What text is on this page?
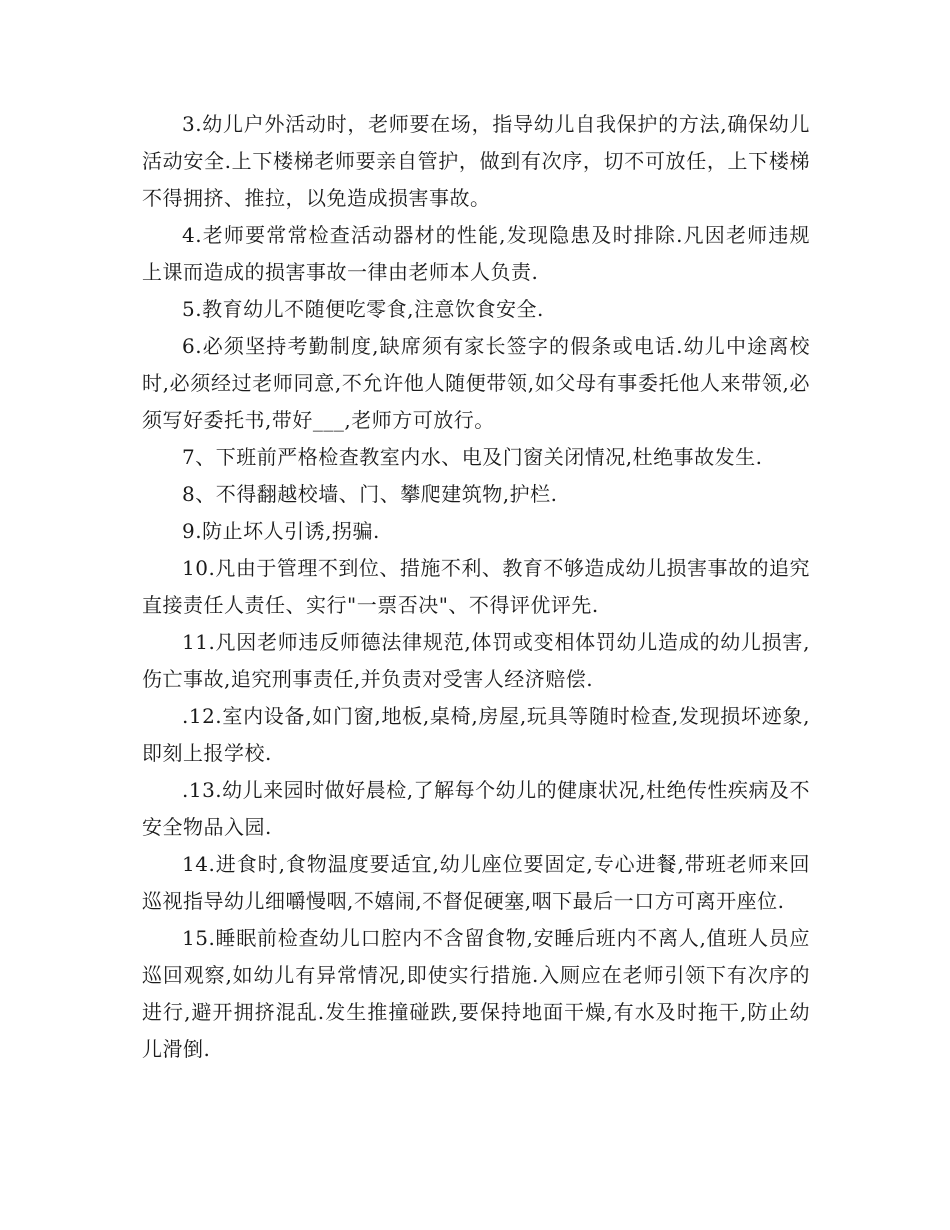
3.幼儿户外活动时，老师要在场，指导幼儿自我保护的方法,确保幼儿活动安全.上下楼梯老师要亲自管护，做到有次序，切不可放任，上下楼梯不得拥挤、推拉，以免造成损害事故。

4.老师要常常检查活动器材的性能,发现隐患及时排除.凡因老师违规上课而造成的损害事故一律由老师本人负责.

5.教育幼儿不随便吃零食,注意饮食安全.

6.必须坚持考勤制度,缺席须有家长签字的假条或电话.幼儿中途离校时,必须经过老师同意,不允许他人随便带领,如父母有事委托他人来带领,必须写好委托书,带好___,老师方可放行。

7、下班前严格检查教室内水、电及门窗关闭情况,杜绝事故发生.

8、不得翻越校墙、门、攀爬建筑物,护栏.

9.防止坏人引诱,拐骗.

10.凡由于管理不到位、措施不利、教育不够造成幼儿损害事故的追究直接责任人责任、实行"一票否决"、不得评优评先.

11.凡因老师违反师德法律规范,体罚或变相体罚幼儿造成的幼儿损害,伤亡事故,追究刑事责任,并负责对受害人经济赔偿.

.12.室内设备,如门窗,地板,桌椅,房屋,玩具等随时检查,发现损坏迹象,即刻上报学校.

.13.幼儿来园时做好晨检,了解每个幼儿的健康状况,杜绝传性疾病及不安全物品入园.

14.进食时,食物温度要适宜,幼儿座位要固定,专心进餐,带班老师来回巡视指导幼儿细嚼慢咽,不嬉闹,不督促硬塞,咽下最后一口方可离开座位.

15.睡眠前检查幼儿口腔内不含留食物,安睡后班内不离人,值班人员应巡回观察,如幼儿有异常情况,即使实行措施.入厕应在老师引领下有次序的进行,避开拥挤混乱.发生推撞碰跌,要保持地面干燥,有水及时拖干,防止幼儿滑倒.
